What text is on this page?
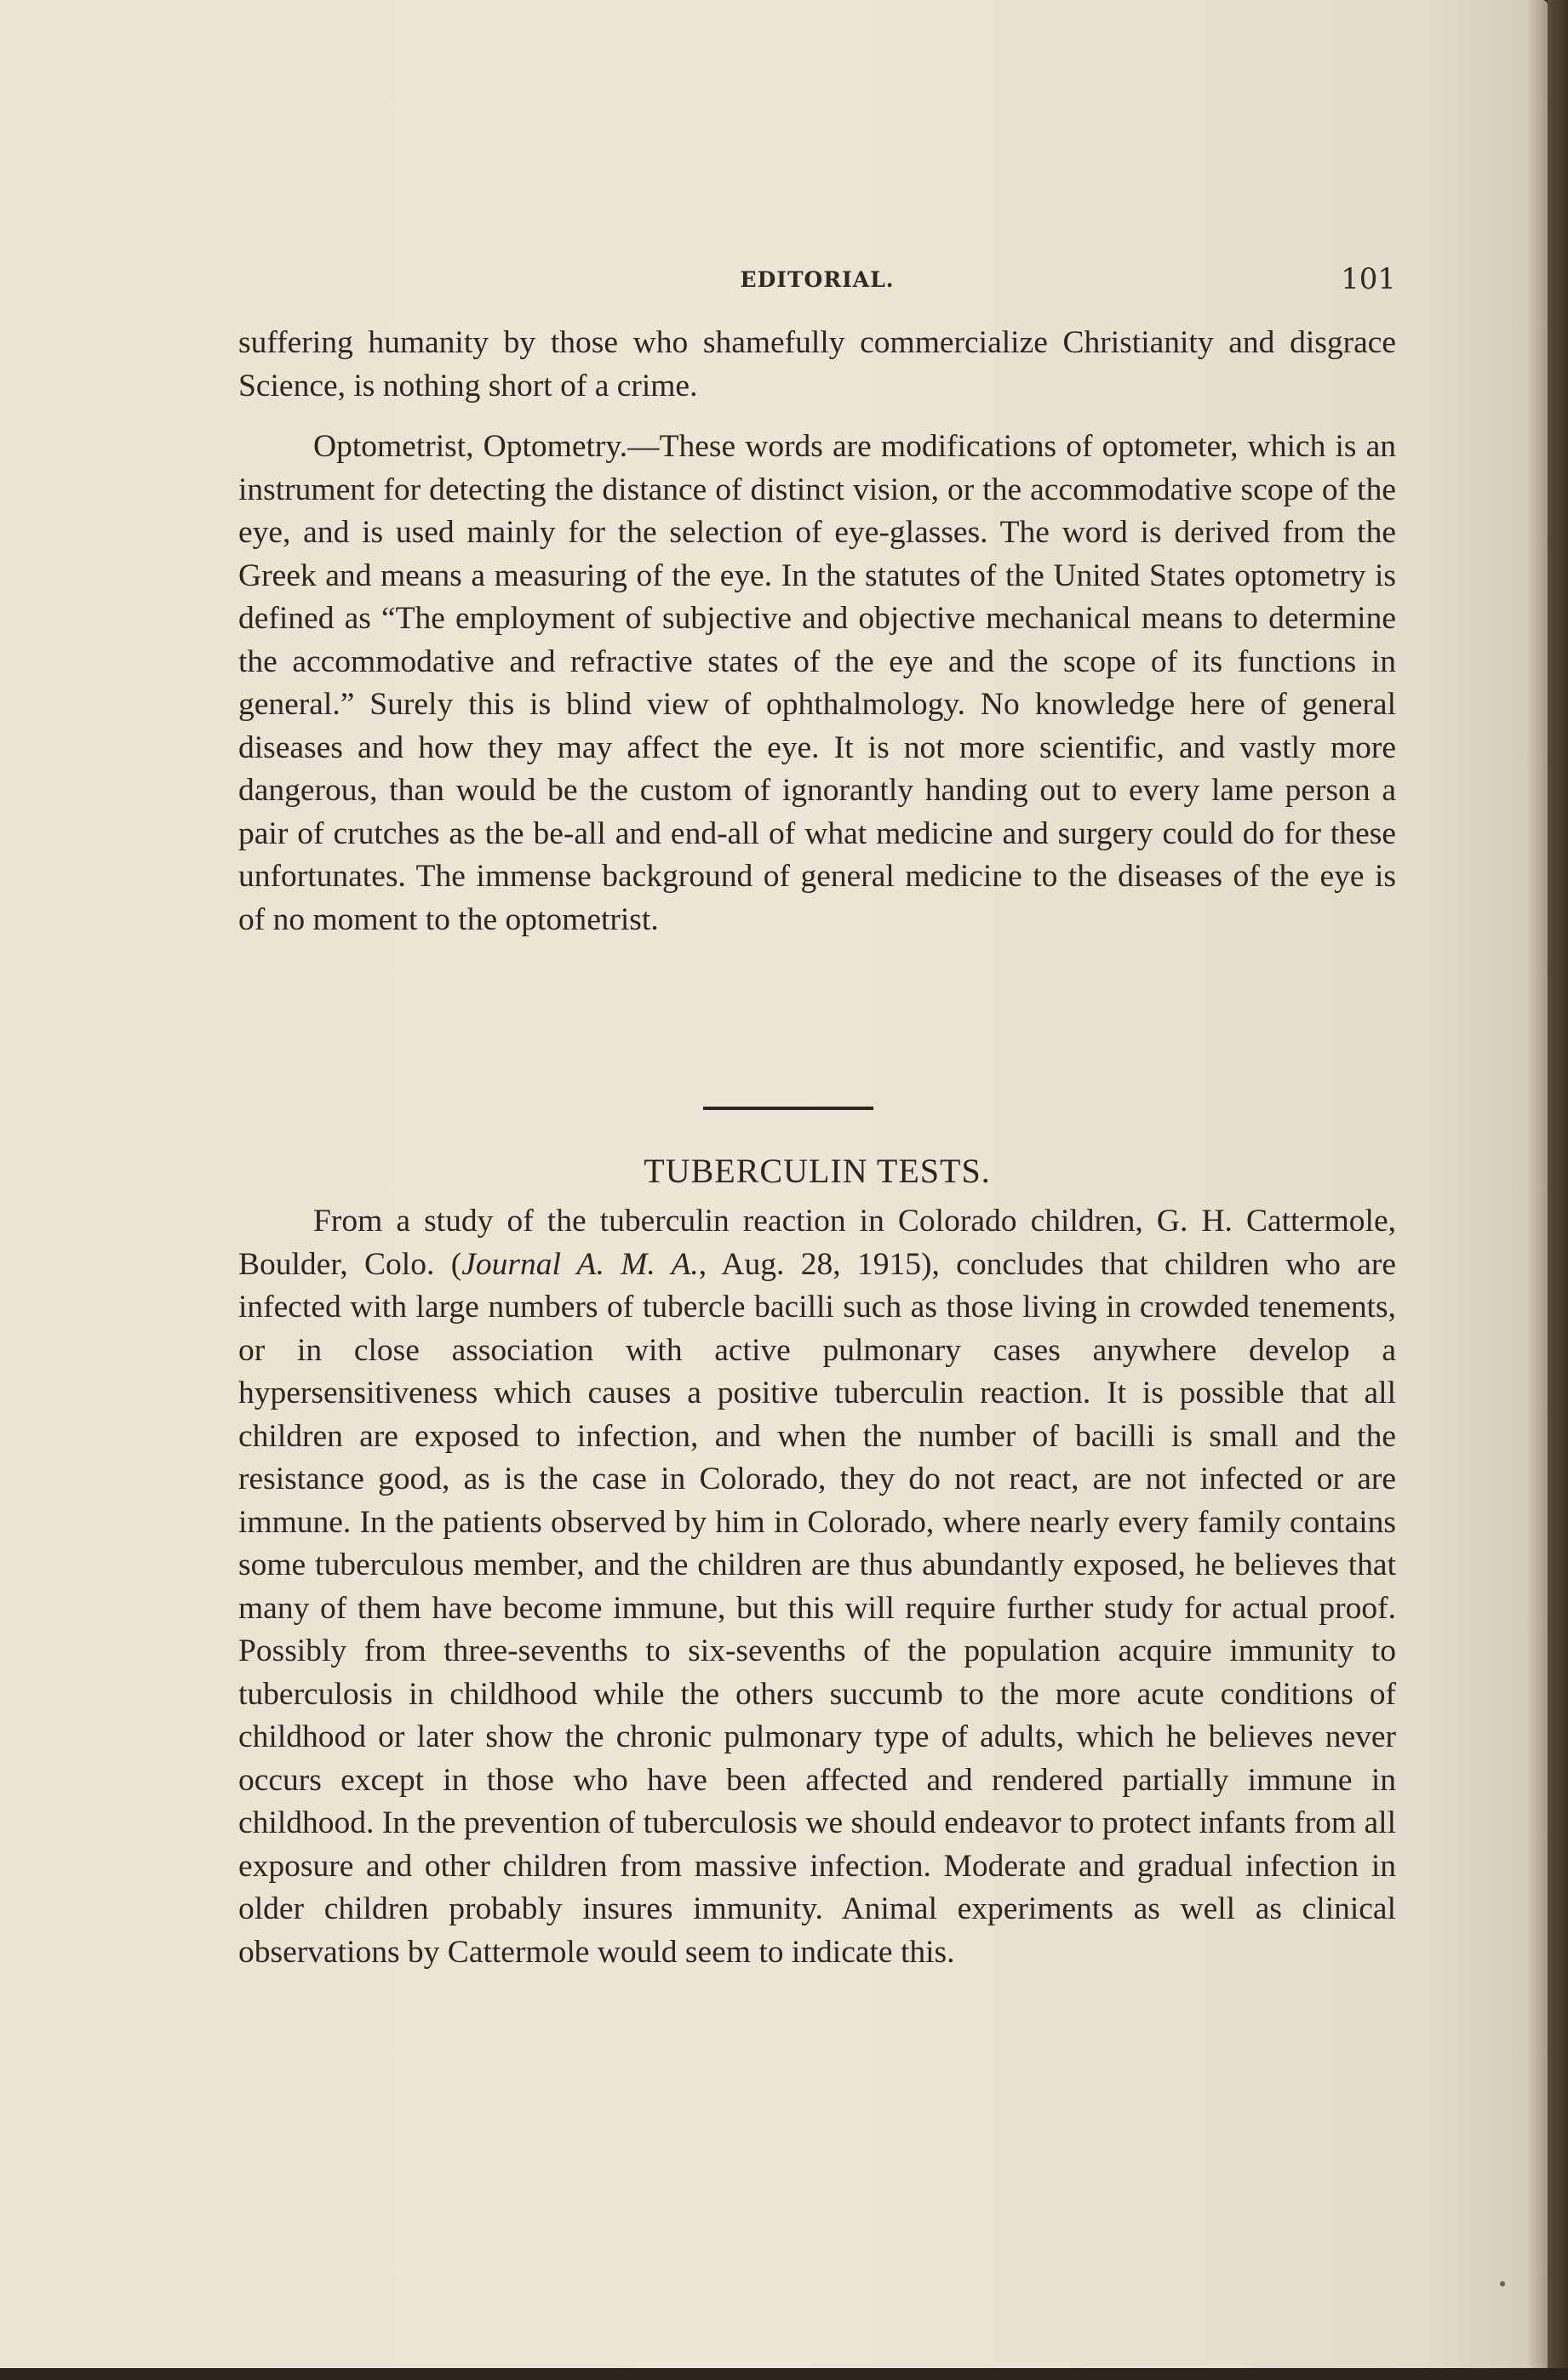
EDITORIAL.	101

suffering humanity by those who shamefully commercialize Christianity and disgrace Science, is nothing short of a crime.

Optometrist, Optometry.—These words are modifications of optometer, which is an instrument for detecting the distance of distinct vision, or the accommodative scope of the eye, and is used mainly for the selection of eye-glasses. The word is derived from the Greek and means a measuring of the eye. In the statutes of the United States optometry is defined as “The employment of subjective and objective mechanical means to determine the accommodative and refractive states of the eye and the scope of its functions in general.” Surely this is blind view of ophthalmology. No knowledge here of general diseases and how they may affect the eye. It is not more scientific, and vastly more dangerous, than would be the custom of ignorantly handing out to every lame person a pair of crutches as the be-all and end-all of what medicine and surgery could do for these unfortunates. The immense background of general medicine to the diseases of the eye is of no moment to the optometrist.

TUBERCULIN TESTS.

From a study of the tuberculin reaction in Colorado children, G. H. Cattermole, Boulder, Colo. (Journal A. M. A., Aug. 28, 1915), concludes that children who are infected with large numbers of tubercle bacilli such as those living in crowded tenements, or in close association with active pulmonary cases anywhere develop a hypersensitiveness which causes a positive tuberculin reaction. It is possible that all children are exposed to infection, and when the number of bacilli is small and the resistance good, as is the case in Colorado, they do not react, are not infected or are immune. In the patients observed by him in Colorado, where nearly every family contains some tuberculous member, and the children are thus abundantly exposed, he believes that many of them have become immune, but this will require further study for actual proof. Possibly from three-sevenths to six-sevenths of the population acquire immunity to tuberculosis in childhood while the others succumb to the more acute conditions of childhood or later show the chronic pulmonary type of adults, which he believes never occurs except in those who have been affected and rendered partially immune in childhood. In the prevention of tuberculosis we should endeavor to protect infants from all exposure and other children from massive infection. Moderate and gradual infection in older children probably insures immunity. Animal experiments as well as clinical observations by Cattermole would seem to indicate this.
